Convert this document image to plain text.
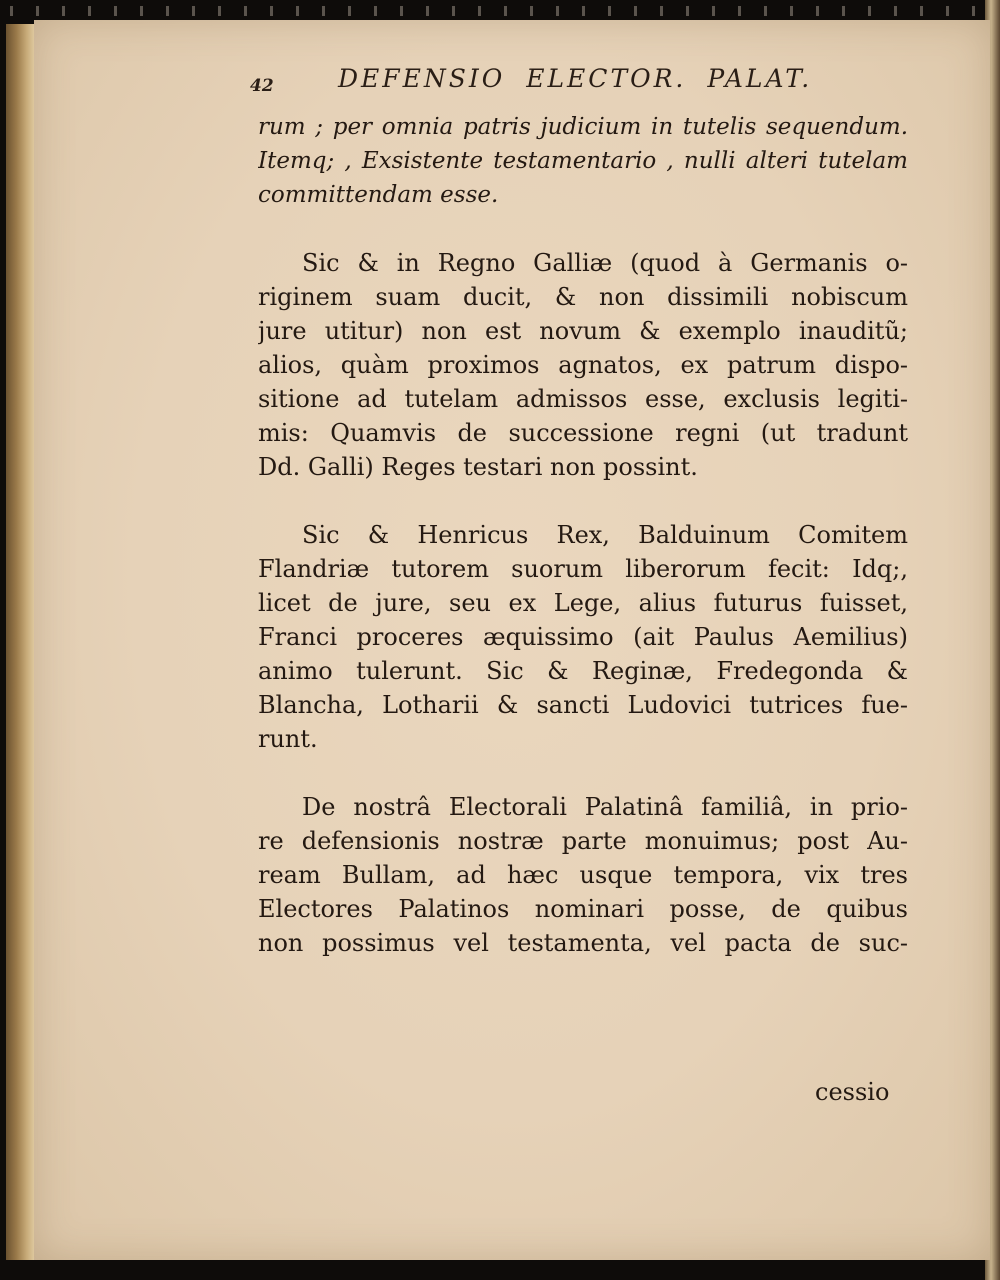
42	DEFENSIO ELECTOR. PALAT.
rum ; per omnia patris judicium in tutelis sequendum.
Itemq; , Exsistente testamentario , nulli alteri tutelam
committendam esse.
Sic & in Regno Galliæ (quod à Germanis o-
riginem suam ducit, & non dissimili nobiscum
jure utitur) non est novum & exemplo inauditũ;
alios, quàm proximos agnatos, ex patrum dispo-
sitione ad tutelam admissos esse, exclusis legiti-
mis: Quamvis de successione regni (ut tradunt
Dd. Galli) Reges testari non possint.
Sic & Henricus Rex, Balduinum Comitem
Flandriæ tutorem suorum liberorum fecit: Idq;,
licet de jure, seu ex Lege, alius futurus fuisset,
Franci proceres æquissimo (ait Paulus Aemilius)
animo tulerunt. Sic & Reginæ, Fredegonda &
Blancha, Lotharii & sancti Ludovici tutrices fue-
runt.
De nostrâ Electorali Palatinâ familiâ, in prio-
re defensionis nostræ parte monuimus; post Au-
ream Bullam, ad hæc usque tempora, vix tres
Electores Palatinos nominari posse, de quibus
non possimus vel testamenta, vel pacta de suc-
cessio
